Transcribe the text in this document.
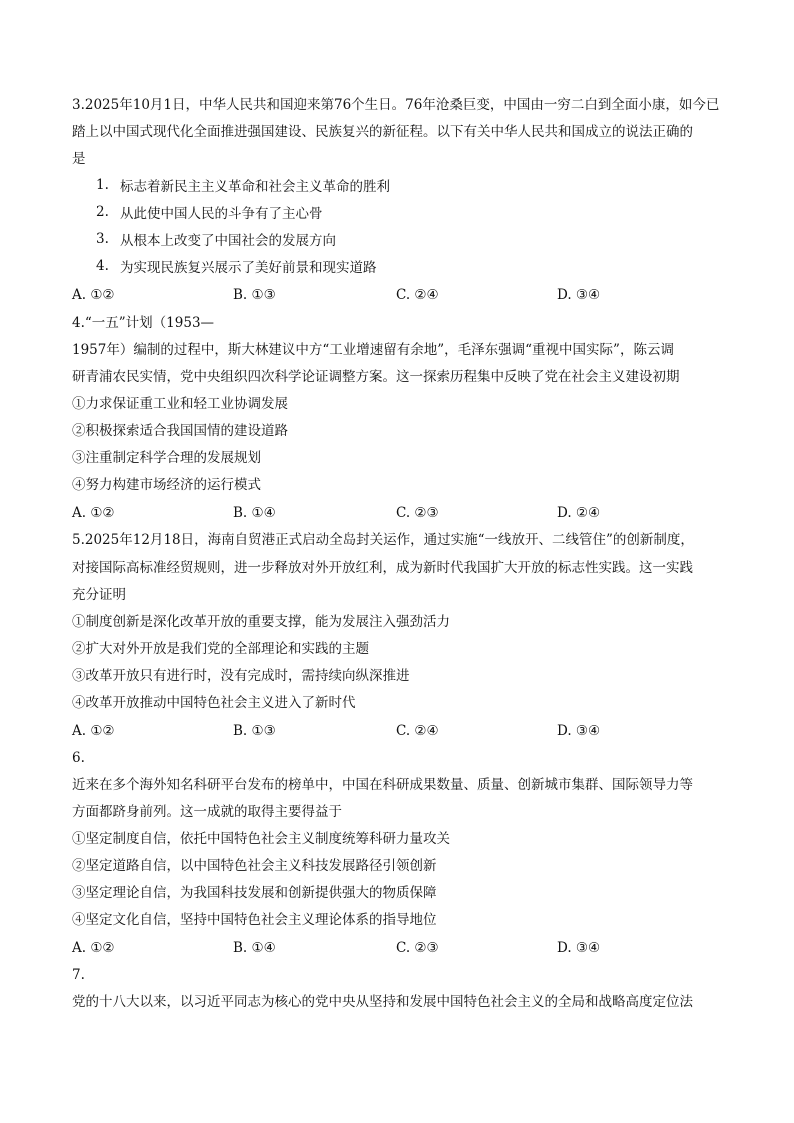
3.2025年10月1日，中华人民共和国迎来第76个生日。76年沧桑巨变，中国由一穷二白到全面小康，如今已
踏上以中国式现代化全面推进强国建设、民族复兴的新征程。以下有关中华人民共和国成立的说法正确的
是
1. 标志着新民主主义革命和社会主义革命的胜利
2. 从此使中国人民的斗争有了主心骨
3. 从根本上改变了中国社会的发展方向
4. 为实现民族复兴展示了美好前景和现实道路
A. ①②	B. ①③	C. ②④	D. ③④
4.“一五”计划（1953—
1957年）编制的过程中，斯大林建议中方“工业增速留有余地”，毛泽东强调“重视中国实际”，陈云调
研青浦农民实情，党中央组织四次科学论证调整方案。这一探索历程集中反映了党在社会主义建设初期
①力求保证重工业和轻工业协调发展
②积极探索适合我国国情的建设道路
③注重制定科学合理的发展规划
④努力构建市场经济的运行模式
A. ①②	B. ①④	C. ②③	D. ②④
5.2025年12月18日，海南自贸港正式启动全岛封关运作，通过实施“一线放开、二线管住”的创新制度，
对接国际高标准经贸规则，进一步释放对外开放红利，成为新时代我国扩大开放的标志性实践。这一实践
充分证明
①制度创新是深化改革开放的重要支撑，能为发展注入强劲活力
②扩大对外开放是我们党的全部理论和实践的主题
③改革开放只有进行时，没有完成时，需持续向纵深推进
④改革开放推动中国特色社会主义进入了新时代
A. ①②	B. ①③	C. ②④	D. ③④
6.
近来在多个海外知名科研平台发布的榜单中，中国在科研成果数量、质量、创新城市集群、国际领导力等
方面都跻身前列。这一成就的取得主要得益于
①坚定制度自信，依托中国特色社会主义制度统筹科研力量攻关
②坚定道路自信，以中国特色社会主义科技发展路径引领创新
③坚定理论自信，为我国科技发展和创新提供强大的物质保障
④坚定文化自信，坚持中国特色社会主义理论体系的指导地位
A. ①②	B. ①④	C. ②③	D. ③④
7.
党的十八大以来，以习近平同志为核心的党中央从坚持和发展中国特色社会主义的全局和战略高度定位法
